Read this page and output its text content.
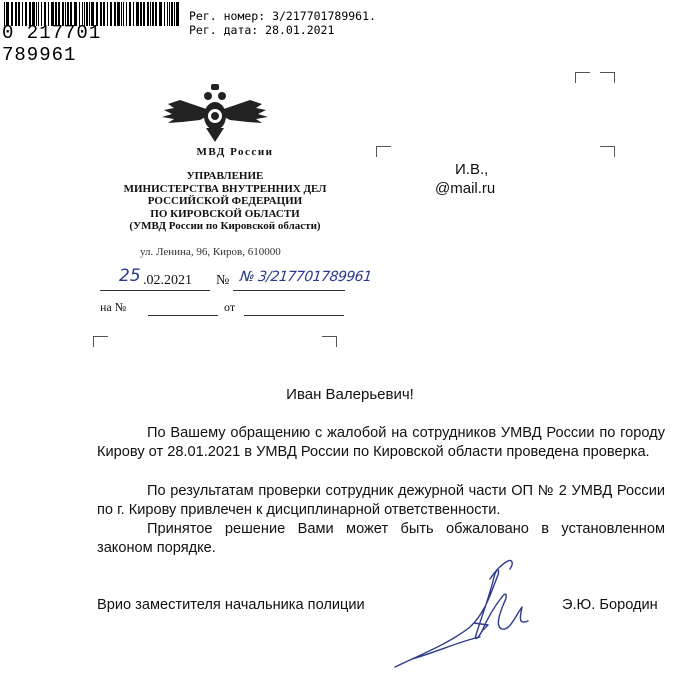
0 217701 789961
Рег. номер: 3/217701789961.
Рег. дата: 28.01.2021
МВД России
УПРАВЛЕНИЕ
МИНИСТЕРСТВА ВНУТРЕННИХ ДЕЛ
РОССИЙСКОЙ ФЕДЕРАЦИИ
ПО КИРОВСКОЙ ОБЛАСТИ
(УМВД России по Кировской области)
ул. Ленина, 96, Киров, 610000
25 .02.2021 № № 3/217701789961
на №	от
И.В.,
@mail.ru
Иван Валерьевич!
По Вашему обращению с жалобой на сотрудников УМВД России по городу Кирову от 28.01.2021 в УМВД России по Кировской области проведена проверка.
По результатам проверки сотрудник дежурной части ОП № 2 УМВД России по г. Кирову привлечен к дисциплинарной ответственности.
Принятое решение Вами может быть обжаловано в установленном законом порядке.
Врио заместителя начальника полиции	Э.Ю. Бородин
